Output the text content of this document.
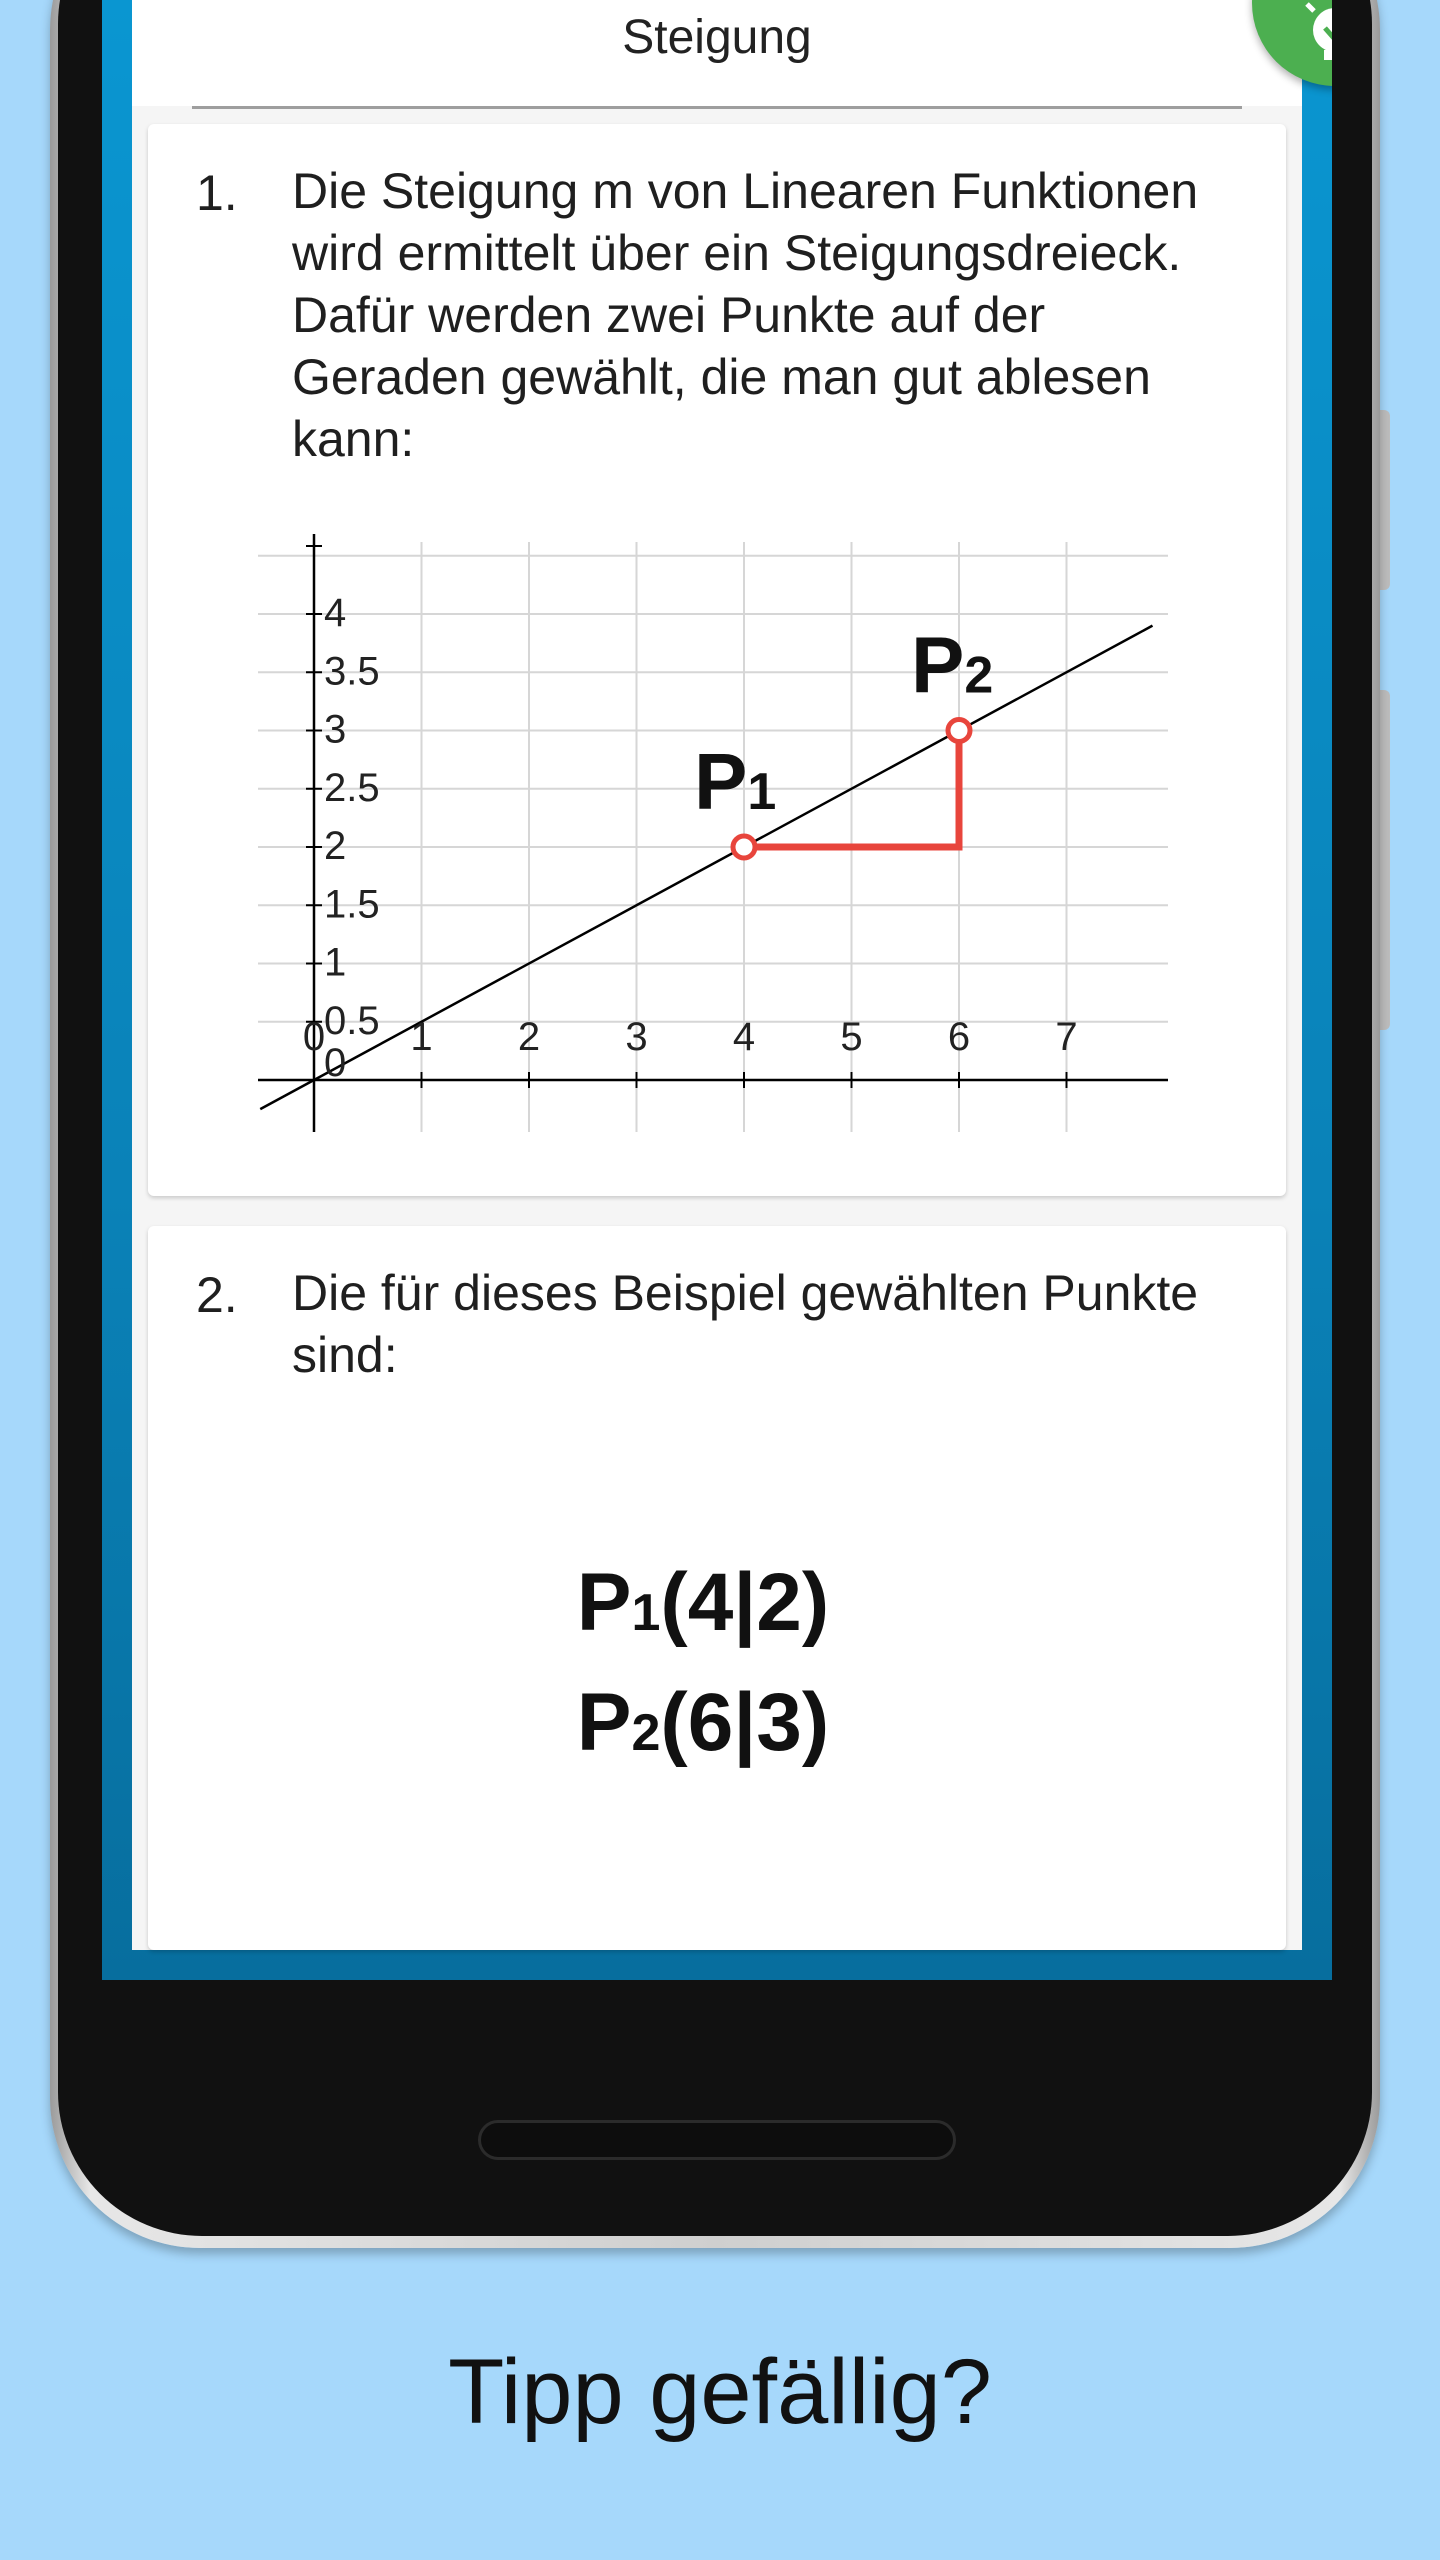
Steigung
1. Die Steigung m von Linearen Funktionen
wird ermittelt über ein Steigungsdreieck.
Dafür werden zwei Punkte auf der
Geraden gewählt, die man gut ablesen
kann:
0 1 2 3 4 5 6 7
0
0.5
1
1.5
2
2.5
3
3.5
4
P1
P2
2. Die für dieses Beispiel gewählten Punkte
sind:
P1(4|2)
P2(6|3)
Tipp gefällig?
